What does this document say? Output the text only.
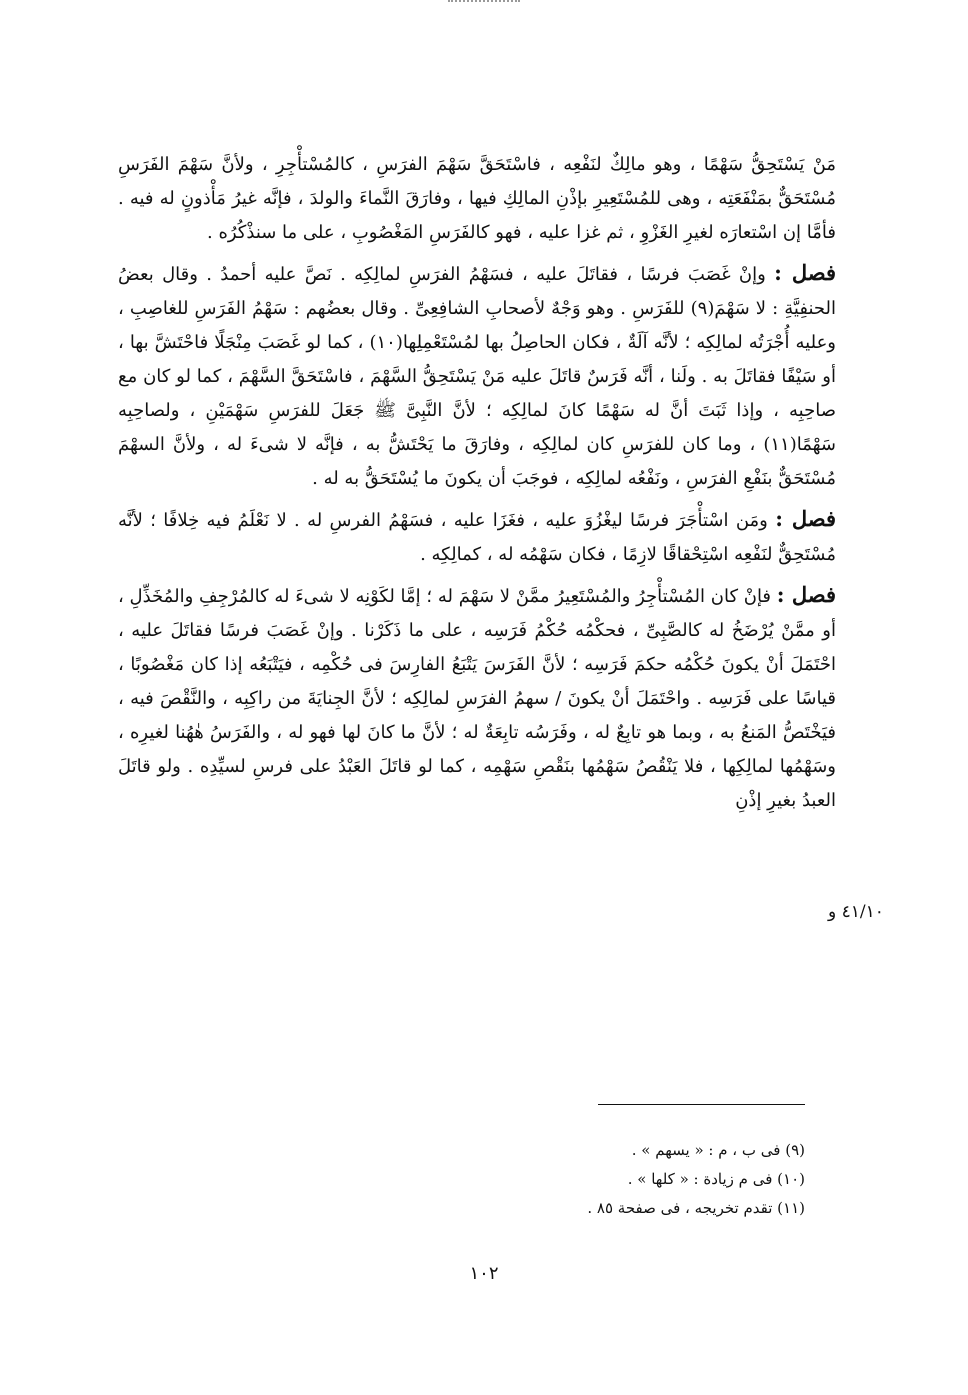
مَنْ يَسْتَحِقُّ سَهْمًا ، وهو مالِكٌ لنَفْعِه ، فاسْتَحَقَّ سَهْمَ الفرَسِ ، كالمُسْتأْجِرِ ، ولأنَّ سَهْمَ الفَرَسِ مُسْتَحَقٌّ بمَنْفَعَتِه ، وهى للمُسْتَعِيرِ بإذْنِ المالِكِ فيها ، وفارَقَ النَّماءَ والولدَ ، فإنَّه غيرُ مَأْذونٍ له فيه . فأمَّا إن اسْتعارَه لغيرِ الغَزْوِ ، ثم غزا عليه ، فهو كالفَرَسِ المَغْصُوبِ ، على ما سنذْكُرُه .

فصل : وإنْ غَصَبَ فرسًا ، فقاتَلَ عليه ، فسَهْمُ الفرَسِ لمالِكِه . نَصَّ عليه أحمدُ . وقال بعضُ الحنفِيَّةِ : لا سَهْمَ(٩) للفَرَسِ . وهو وَجْهٌ لأصحابِ الشافِعِىِّ . وقال بعضُهم : سَهْمُ الفَرَسِ للغاصِبِ ، وعليه أُجْرَتُه لمالِكِه ؛ لأنَّه آلَةٌ ، فكان الحاصِلُ بها لمُسْتَعْمِلِها(١٠) ، كما لو غَصَبَ مِنْجَلًا فاحْتَشَّ بها ، أو سَيْفًا فقاتَلَ به . ولَنا ، أنَّه فَرَسٌ قاتَلَ عليه مَنْ يَسْتَحِقُّ السَّهْمَ ، فاسْتَحَقَّ السَّهْمَ ، كما لو كان مع صاحِبِه ، وإذا ثَبَتَ أنَّ له سَهْمًا كانَ لمالِكِه ؛ لأنَّ النَّبِىَّ ﷺ جَعَلَ للفرَسِ سَهْمَيْنِ ، ولصاحِبِه سَهْمًا(١١) ، وما كان للفرَسِ كان لمالِكِه ، وفارَقَ ما يَحْتَشُّ به ، فإنَّه لا شىءَ له ، ولأنَّ السهْمَ مُسْتَحَقٌّ بنَفْعِ الفرَسِ ، ونَفْعُه لمالِكِه ، فوجَبَ أن يكونَ ما يُسْتَحَقُّ به له .

فصل : ومَن اسْتأْجَرَ فرسًا ليغْزُوَ عليه ، فغَزَا عليه ، فسَهْمُ الفرسِ له . لا نَعْلَمُ فيه خِلافًا ؛ لأنَّه مُسْتَحِقٌّ لنَفْعِه اسْتِحْقاقًا لازِمًا ، فكان سَهْمُه له ، كمالِكِه .

فصل : فإنْ كان المُسْتأْجِرُ والمُسْتَعِيرُ ممَّنْ لا سَهْمَ له ؛ إمَّا لكَوْنِه لا شىءَ له كالمُرْجِفِ والمُخَذِّلِ ، أو ممَّنْ يُرْضَخُ له كالصَّبِىِّ ، فحكْمُه حُكْمُ فَرَسِه ، على ما ذَكَرْنا . وإنْ غَصَبَ فرسًا فقاتَلَ عليه ، احْتَمَلَ أنْ يكونَ حُكْمُه حكمَ فَرَسِه ؛ لأنَّ الفَرَسَ يَتْبَعُ الفارِسَ فى حُكْمِه ، فيَتْبَعُه إذا كان مَغْصُوبًا ، قياسًا على فَرَسِه . واحْتَمَلَ أنْ يكونَ / سهمُ الفرَسِ لمالِكِه ؛ لأنَّ الجِنايَةَ من راكِبِه ، والنَّقْصَ فيه ، فيَخْتَصُّ المَنعُ به ، وبما هو تابِعٌ له ، وفَرَسُه تابِعَةٌ له ؛ لأنَّ ما كانَ لها فهو له ، والفَرَسُ هٰهُنا لغيرِه ، وسَهْمُها لمالِكِها ، فلا يَنْقُصُ سَهْمُها بنَقْصِ سَهْمِه ، كما لو قاتَلَ العَبْدُ على فرسِ لسيِّدِه . ولو قاتَلَ العبدُ بغيرِ إذْنِ

٤١/١٠ و

(٩) فى ب ، م : « يسهم » .

(١٠) فى م زيادة : « كلها » .

(١١) تقدم تخريجه ، فى صفحة ٨٥ .

١٠٢
